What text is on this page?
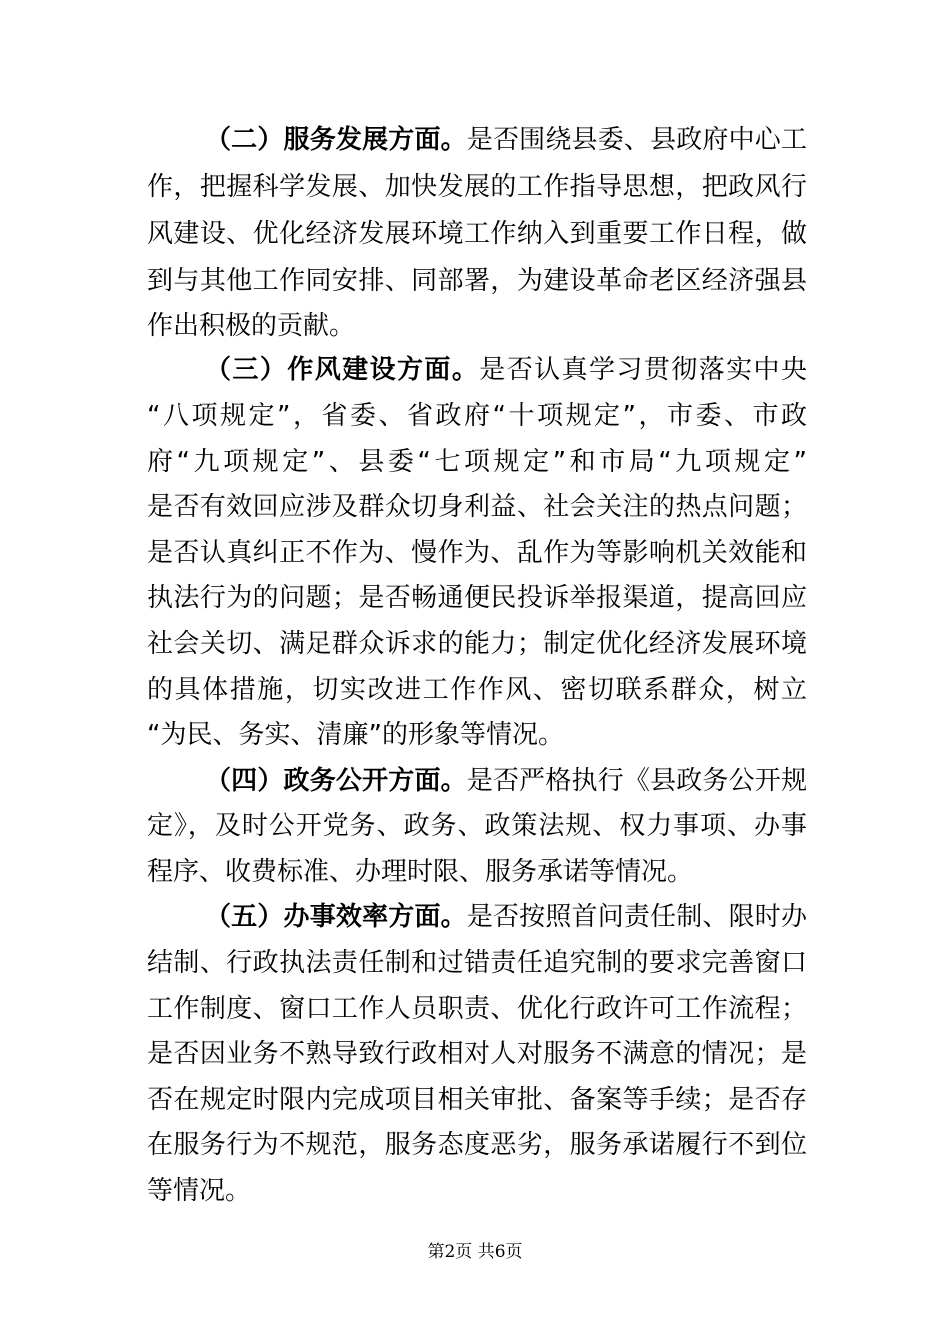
（二）服务发展方面。是否围绕县委、县政府中心工
作，把握科学发展、加快发展的工作指导思想，把政风行
风建设、优化经济发展环境工作纳入到重要工作日程，做
到与其他工作同安排、同部署，为建设革命老区经济强县
作出积极的贡献。
（三）作风建设方面。是否认真学习贯彻落实中央
“八项规定”，省委、省政府“十项规定”，市委、市政
府“九项规定”、县委“七项规定”和市局“九项规定”
是否有效回应涉及群众切身利益、社会关注的热点问题；
是否认真纠正不作为、慢作为、乱作为等影响机关效能和
执法行为的问题；是否畅通便民投诉举报渠道，提高回应
社会关切、满足群众诉求的能力；制定优化经济发展环境
的具体措施，切实改进工作作风、密切联系群众，树立
“为民、务实、清廉”的形象等情况。
（四）政务公开方面。是否严格执行《县政务公开规
定》，及时公开党务、政务、政策法规、权力事项、办事
程序、收费标准、办理时限、服务承诺等情况。
（五）办事效率方面。是否按照首问责任制、限时办
结制、行政执法责任制和过错责任追究制的要求完善窗口
工作制度、窗口工作人员职责、优化行政许可工作流程；
是否因业务不熟导致行政相对人对服务不满意的情况；是
否在规定时限内完成项目相关审批、备案等手续；是否存
在服务行为不规范，服务态度恶劣，服务承诺履行不到位
等情况。
第2页 共6页
